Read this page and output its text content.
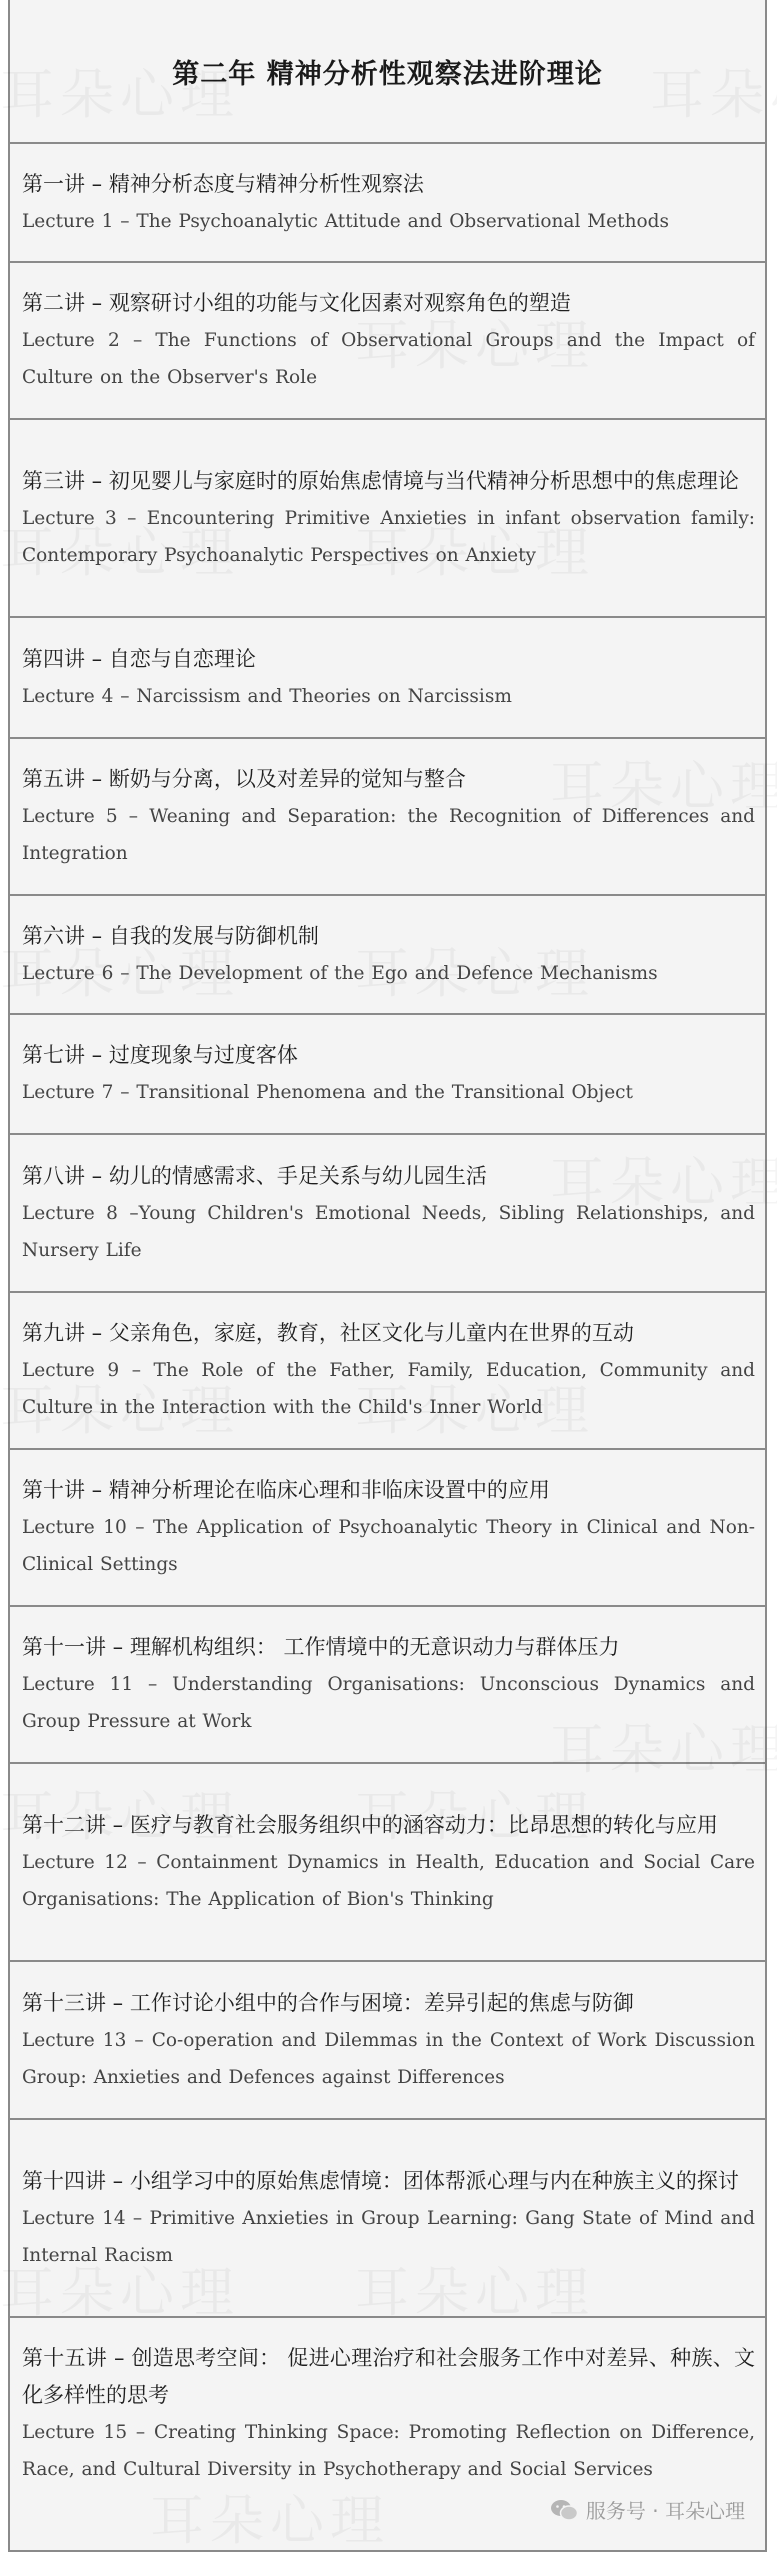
第二年 精神分析性观察法进阶理论
第一讲 – 精神分析态度与精神分析性观察法
Lecture 1 – The Psychoanalytic Attitude and Observational Methods
第二讲 – 观察研讨小组的功能与文化因素对观察角色的塑造
Lecture 2 – The Functions of Observational Groups and the Impact of Culture on the Observer's Role
第三讲 – 初见婴儿与家庭时的原始焦虑情境与当代精神分析思想中的焦虑理论
Lecture 3 – Encountering Primitive Anxieties in infant observation family: Contemporary Psychoanalytic Perspectives on Anxiety
第四讲 – 自恋与自恋理论
Lecture 4 – Narcissism and Theories on Narcissism
第五讲 – 断奶与分离，以及对差异的觉知与整合
Lecture 5 – Weaning and Separation: the Recognition of Differences and Integration
第六讲 – 自我的发展与防御机制
Lecture 6 – The Development of the Ego and Defence Mechanisms
第七讲 – 过度现象与过度客体
Lecture 7 – Transitional Phenomena and the Transitional Object
第八讲 – 幼儿的情感需求、手足关系与幼儿园生活
Lecture 8 –Young Children's Emotional Needs, Sibling Relationships, and Nursery Life
第九讲 – 父亲角色，家庭，教育，社区文化与儿童内在世界的互动
Lecture 9 – The Role of the Father, Family, Education, Community and Culture in the Interaction with the Child's Inner World
第十讲 – 精神分析理论在临床心理和非临床设置中的应用
Lecture 10 – The Application of Psychoanalytic Theory in Clinical and Non-Clinical Settings
第十一讲 – 理解机构组织： 工作情境中的无意识动力与群体压力
Lecture 11 – Understanding Organisations: Unconscious Dynamics and Group Pressure at Work
第十二讲 – 医疗与教育社会服务组织中的涵容动力：比昂思想的转化与应用
Lecture 12 – Containment Dynamics in Health, Education and Social Care Organisations: The Application of Bion's Thinking
第十三讲 – 工作讨论小组中的合作与困境：差异引起的焦虑与防御
Lecture 13 – Co-operation and Dilemmas in the Context of Work Discussion Group: Anxieties and Defences against Differences
第十四讲 – 小组学习中的原始焦虑情境：团体帮派心理与内在种族主义的探讨
Lecture 14 – Primitive Anxieties in Group Learning: Gang State of Mind and Internal Racism
第十五讲 – 创造思考空间： 促进心理治疗和社会服务工作中对差异、种族、文化多样性的思考
Lecture 15 – Creating Thinking Space: Promoting Reflection on Difference, Race, and Cultural Diversity in Psychotherapy and Social Services
服务号 · 耳朵心理
